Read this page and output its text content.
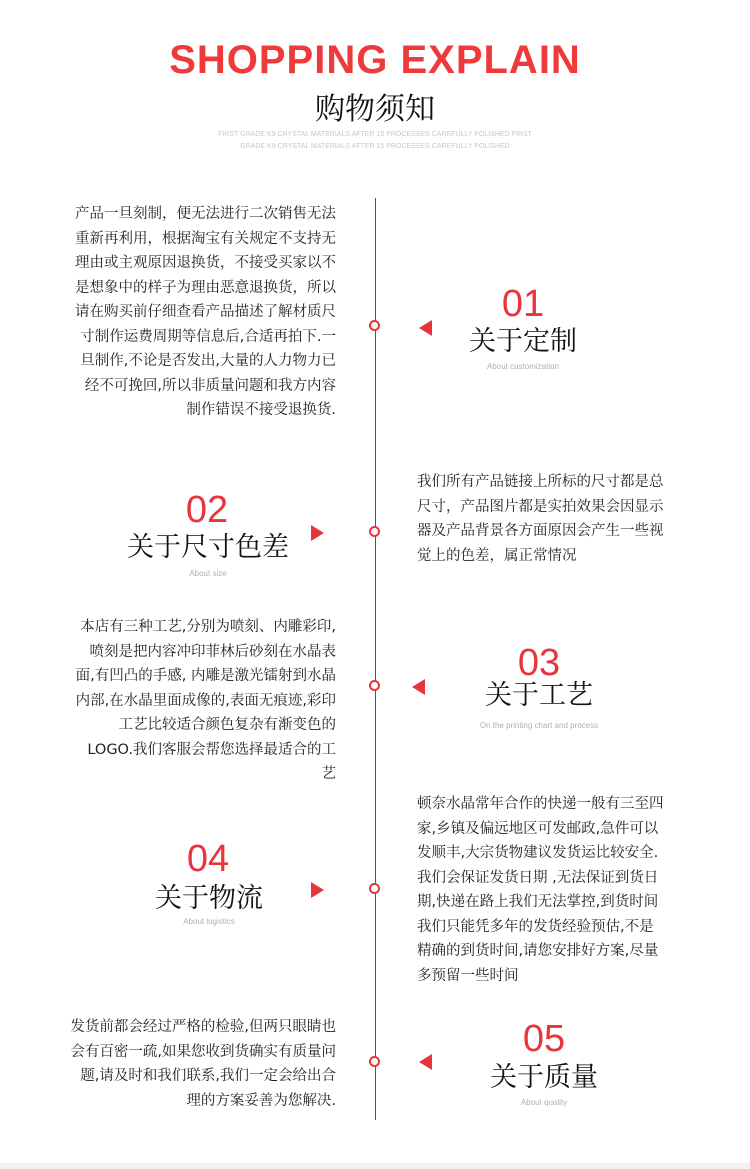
SHOPPING EXPLAIN
购物须知
FIRST GRADE K9 CRYSTAL MATERIALS AFTER 15 PROCESSES CAREFULLY POLISHED FIRST GRADE K9 CRYSTAL MATERIALS AFTER 15 PROCESSES CAREFULLY POLISHED
产品一旦刻制，便无法进行二次销售无法重新再利用，根据淘宝有关规定不支持无理由或主观原因退换货，不接受买家以不是想象中的样子为理由恶意退换货，所以请在购买前仔细查看产品描述了解材质尺寸制作运费周期等信息后,合适再拍下.一旦制作,不论是否发出,大量的人力物力已经不可挽回,所以非质量问题和我方内容制作错误不接受退换货.
01
关于定制
About customization
02
关于尺寸色差
About size
我们所有产品链接上所标的尺寸都是总尺寸，产品图片都是实拍效果会因显示器及产品背景各方面原因会产生一些视觉上的色差，属正常情况
本店有三种工艺,分别为喷刻、内雕彩印,喷刻是把内容冲印菲林后砂刻在水晶表面,有凹凸的手感, 内雕是激光镭射到水晶内部,在水晶里面成像的,表面无痕迹,彩印工艺比较适合颜色复杂有渐变色的LOGO.我们客服会帮您选择最适合的工艺
03
关于工艺
On the printing chart and process
04
关于物流
About logistics
顿奈水晶常年合作的快递一般有三至四家,乡镇及偏远地区可发邮政,急件可以发顺丰,大宗货物建议发货运比较安全.我们会保证发货日期 ,无法保证到货日期,快递在路上我们无法掌控,到货时间我们只能凭多年的发货经验预估,不是精确的到货时间,请您安排好方案,尽量多预留一些时间
发货前都会经过严格的检验,但两只眼睛也会有百密一疏,如果您收到货确实有质量问题,请及时和我们联系,我们一定会给出合理的方案妥善为您解决.
05
关于质量
About quality
